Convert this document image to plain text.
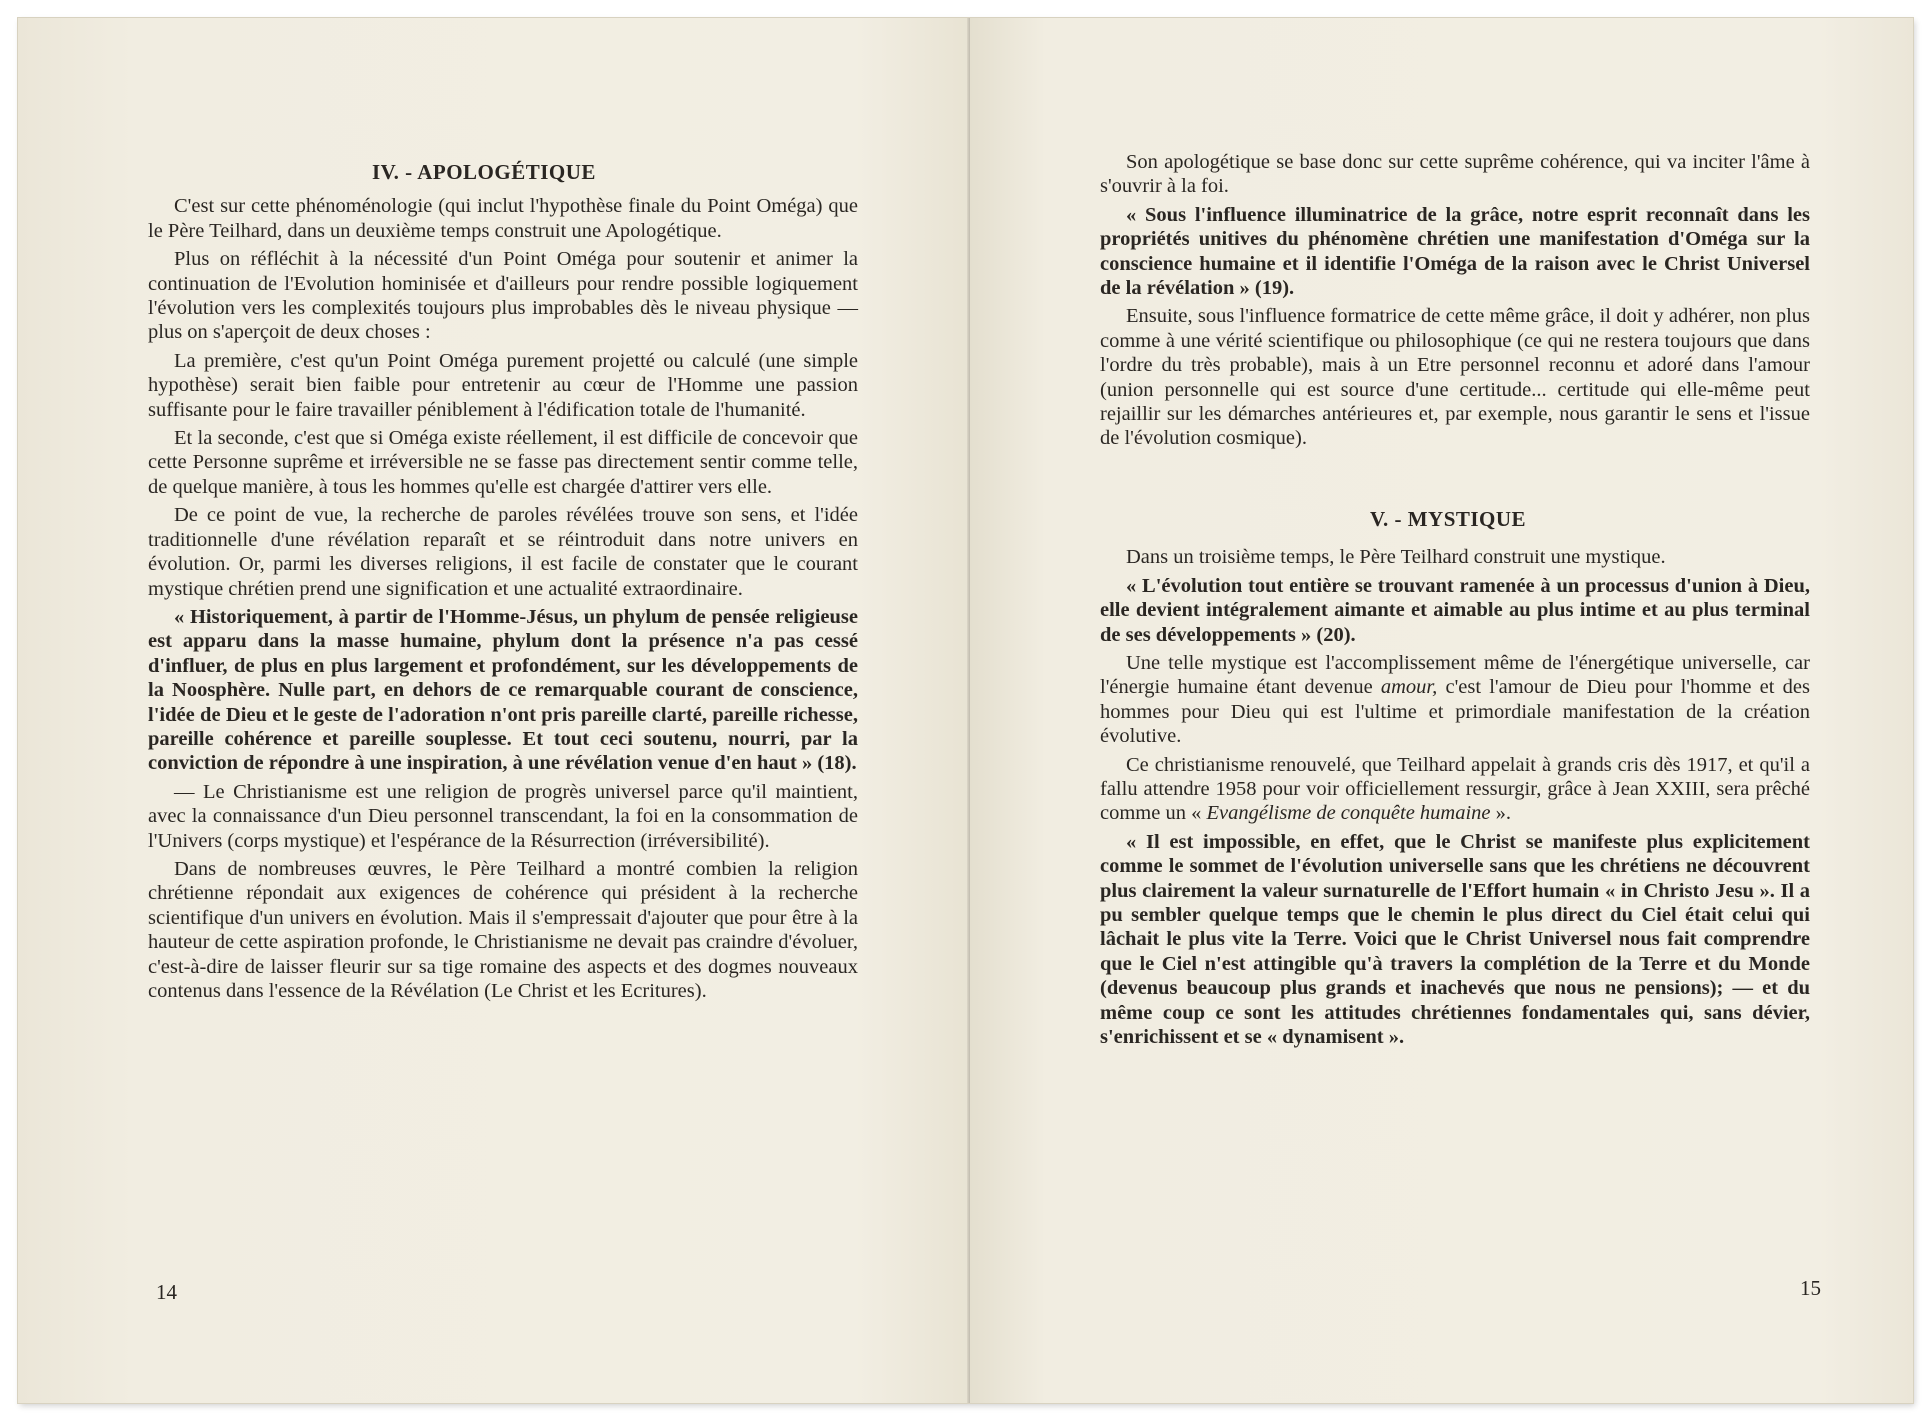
IV. - APOLOGÉTIQUE

C'est sur cette phénoménologie (qui inclut l'hypothèse finale du Point Oméga) que le Père Teilhard, dans un deuxième temps construit une Apologétique.

Plus on réfléchit à la nécessité d'un Point Oméga pour soutenir et animer la continuation de l'Evolution hominisée et d'ailleurs pour rendre possible logiquement l'évolution vers les complexités toujours plus improbables dès le niveau physique — plus on s'aperçoit de deux choses :

La première, c'est qu'un Point Oméga purement projetté ou calculé (une simple hypothèse) serait bien faible pour entretenir au cœur de l'Homme une passion suffisante pour le faire travailler péniblement à l'édification totale de l'humanité.

Et la seconde, c'est que si Oméga existe réellement, il est difficile de concevoir que cette Personne suprême et irréversible ne se fasse pas directement sentir comme telle, de quelque manière, à tous les hommes qu'elle est chargée d'attirer vers elle.

De ce point de vue, la recherche de paroles révélées trouve son sens, et l'idée traditionnelle d'une révélation reparaît et se réintroduit dans notre univers en évolution. Or, parmi les diverses religions, il est facile de constater que le courant mystique chrétien prend une signification et une actualité extraordinaire.

« Historiquement, à partir de l'Homme-Jésus, un phylum de pensée religieuse est apparu dans la masse humaine, phylum dont la présence n'a pas cessé d'influer, de plus en plus largement et profondément, sur les développements de la Noosphère. Nulle part, en dehors de ce remarquable courant de conscience, l'idée de Dieu et le geste de l'adoration n'ont pris pareille clarté, pareille richesse, pareille cohérence et pareille souplesse. Et tout ceci soutenu, nourri, par la conviction de répondre à une inspiration, à une révélation venue d'en haut » (18).

— Le Christianisme est une religion de progrès universel parce qu'il maintient, avec la connaissance d'un Dieu personnel transcendant, la foi en la consommation de l'Univers (corps mystique) et l'espérance de la Résurrection (irréversibilité).

Dans de nombreuses œuvres, le Père Teilhard a montré combien la religion chrétienne répondait aux exigences de cohérence qui président à la recherche scientifique d'un univers en évolution. Mais il s'empressait d'ajouter que pour être à la hauteur de cette aspiration profonde, le Christianisme ne devait pas craindre d'évoluer, c'est-à-dire de laisser fleurir sur sa tige romaine des aspects et des dogmes nouveaux contenus dans l'essence de la Révélation (Le Christ et les Ecritures).

14

Son apologétique se base donc sur cette suprême cohérence, qui va inciter l'âme à s'ouvrir à la foi.

« Sous l'influence illuminatrice de la grâce, notre esprit reconnaît dans les propriétés unitives du phénomène chrétien une manifestation d'Oméga sur la conscience humaine et il identifie l'Oméga de la raison avec le Christ Universel de la révélation » (19).

Ensuite, sous l'influence formatrice de cette même grâce, il doit y adhérer, non plus comme à une vérité scientifique ou philosophique (ce qui ne restera toujours que dans l'ordre du très probable), mais à un Etre personnel reconnu et adoré dans l'amour (union personnelle qui est source d'une certitude... certitude qui elle-même peut rejaillir sur les démarches antérieures et, par exemple, nous garantir le sens et l'issue de l'évolution cosmique).

V. - MYSTIQUE

Dans un troisième temps, le Père Teilhard construit une mystique.

« L'évolution tout entière se trouvant ramenée à un processus d'union à Dieu, elle devient intégralement aimante et aimable au plus intime et au plus terminal de ses développements » (20).

Une telle mystique est l'accomplissement même de l'énergétique universelle, car l'énergie humaine étant devenue amour, c'est l'amour de Dieu pour l'homme et des hommes pour Dieu qui est l'ultime et primordiale manifestation de la création évolutive.

Ce christianisme renouvelé, que Teilhard appelait à grands cris dès 1917, et qu'il a fallu attendre 1958 pour voir officiellement ressurgir, grâce à Jean XXIII, sera prêché comme un « Evangélisme de conquête humaine ».

« Il est impossible, en effet, que le Christ se manifeste plus explicitement comme le sommet de l'évolution universelle sans que les chrétiens ne découvrent plus clairement la valeur surnaturelle de l'Effort humain « in Christo Jesu ». Il a pu sembler quelque temps que le chemin le plus direct du Ciel était celui qui lâchait le plus vite la Terre. Voici que le Christ Universel nous fait comprendre que le Ciel n'est attingible qu'à travers la complétion de la Terre et du Monde (devenus beaucoup plus grands et inachevés que nous ne pensions); — et du même coup ce sont les attitudes chrétiennes fondamentales qui, sans dévier, s'enrichissent et se « dynamisent ».

15
